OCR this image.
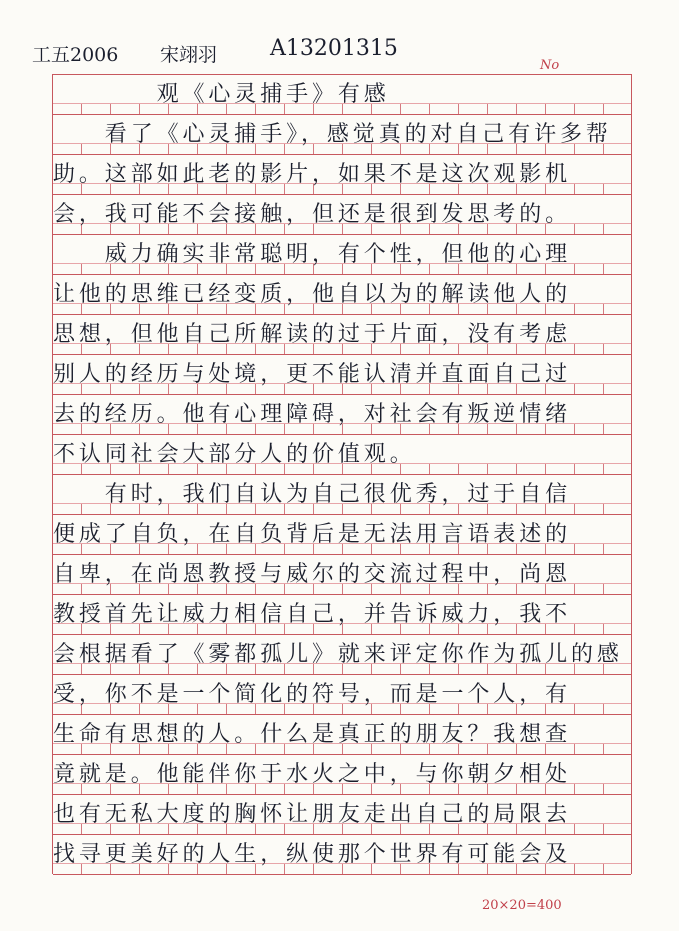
工五2006 宋翊羽 A13201315
No
　　　　观《心灵捕手》有感
　　看了《心灵捕手》，感觉真的对自己有许多帮
助。这部如此老的影片，如果不是这次观影机
会，我可能不会接触，但还是很到发思考的。
　　威力确实非常聪明，有个性，但他的心理
让他的思维已经变质，他自以为的解读他人的
思想，但他自己所解读的过于片面，没有考虑
别人的经历与处境，更不能认清并直面自己过
去的经历。他有心理障碍，对社会有叛逆情绪
不认同社会大部分人的价值观。
　　有时，我们自认为自己很优秀，过于自信
便成了自负，在自负背后是无法用言语表述的
自卑，在尚恩教授与威尔的交流过程中，尚恩
教授首先让威力相信自己，并告诉威力，我不
会根据看了《雾都孤儿》就来评定你作为孤儿的感
受，你不是一个简化的符号，而是一个人，有
生命有思想的人。什么是真正的朋友？我想查
竟就是。他能伴你于水火之中，与你朝夕相处
也有无私大度的胸怀让朋友走出自己的局限去
找寻更美好的人生，纵使那个世界有可能会及
20×20=400
